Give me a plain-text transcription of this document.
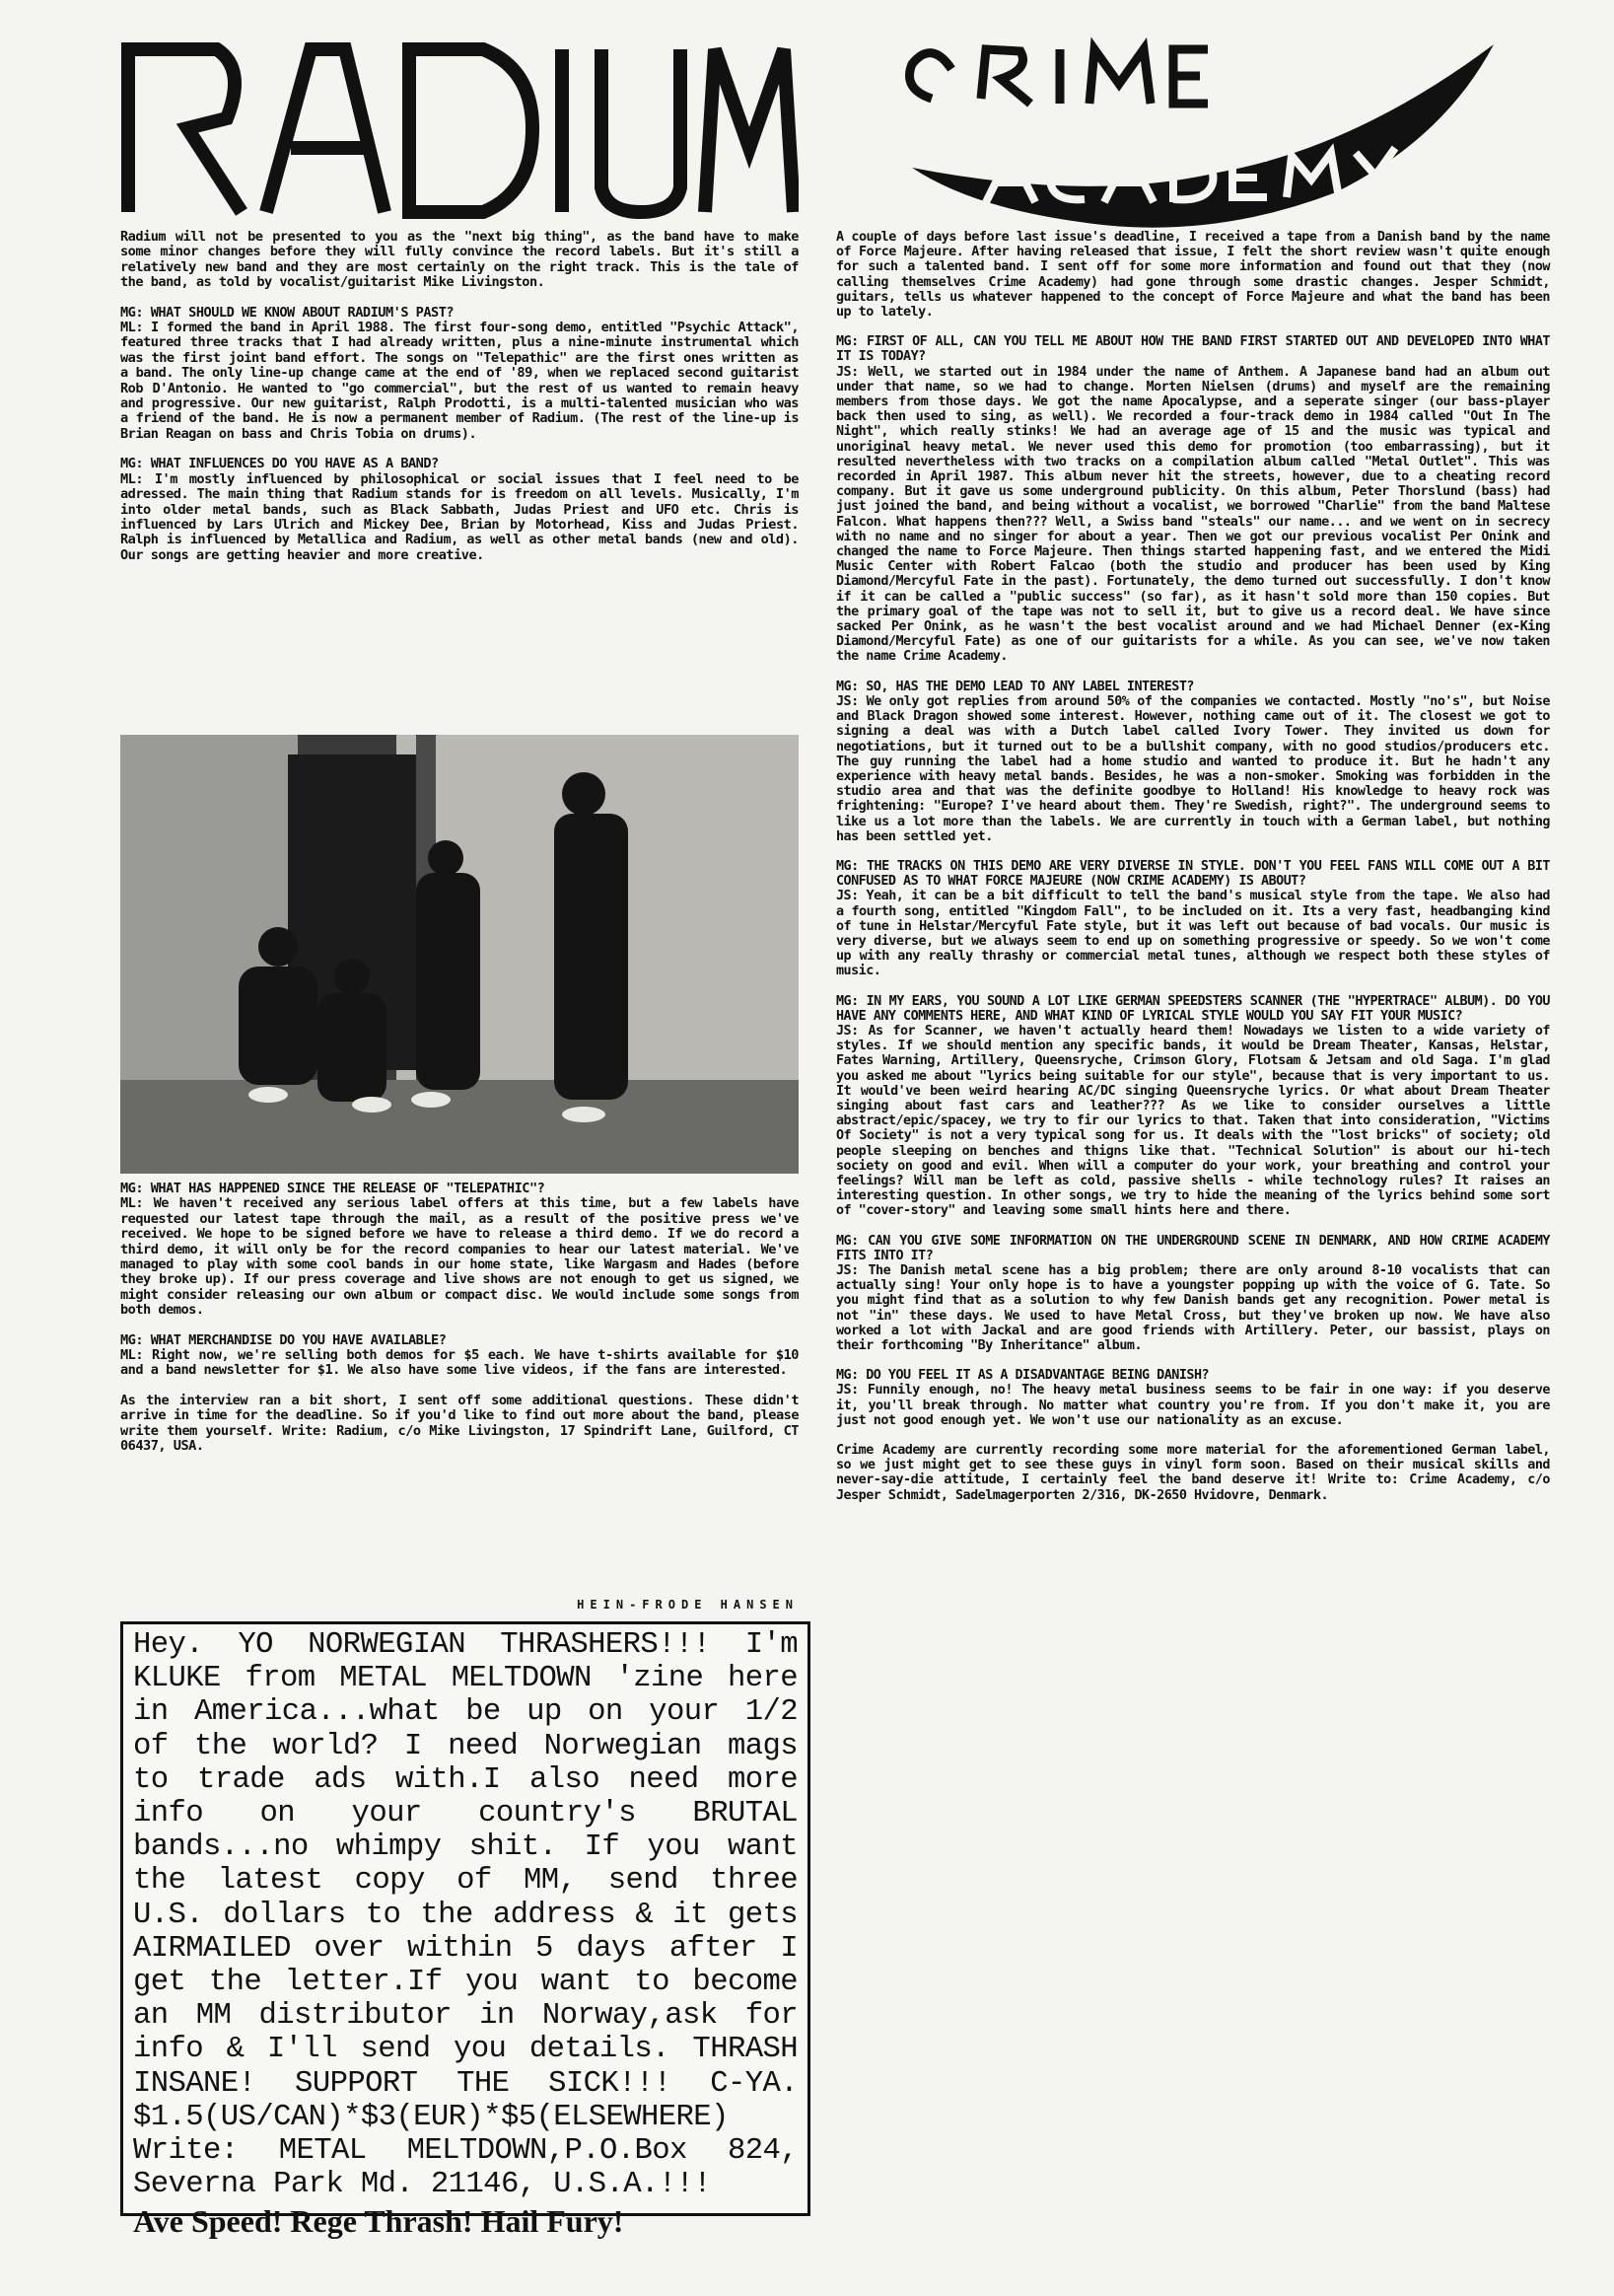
CRIME ACADEMY

Radium will not be presented to you as the "next big thing", as the band have to make some minor changes before they will fully convince the record labels. But it's still a relatively new band and they are most certainly on the right track. This is the tale of the band, as told by vocalist/guitarist Mike Livingston.

MG: WHAT SHOULD WE KNOW ABOUT RADIUM'S PAST?
ML: I formed the band in April 1988. The first four-song demo, entitled "Psychic Attack", featured three tracks that I had already written, plus a nine-minute instrumental which was the first joint band effort. The songs on "Telepathic" are the first ones written as a band. The only line-up change came at the end of '89, when we replaced second guitarist Rob D'Antonio. He wanted to "go commercial", but the rest of us wanted to remain heavy and progressive. Our new guitarist, Ralph Prodotti, is a multi-talented musician who was a friend of the band. He is now a permanent member of Radium. (The rest of the line-up is Brian Reagan on bass and Chris Tobia on drums).

MG: WHAT INFLUENCES DO YOU HAVE AS A BAND?
ML: I'm mostly influenced by philosophical or social issues that I feel need to be adressed. The main thing that Radium stands for is freedom on all levels. Musically, I'm into older metal bands, such as Black Sabbath, Judas Priest and UFO etc. Chris is influenced by Lars Ulrich and Mickey Dee, Brian by Motorhead, Kiss and Judas Priest. Ralph is influenced by Metallica and Radium, as well as other metal bands (new and old). Our songs are getting heavier and more creative.

MG: WHAT HAS HAPPENED SINCE THE RELEASE OF "TELEPATHIC"?
ML: We haven't received any serious label offers at this time, but a few labels have requested our latest tape through the mail, as a result of the positive press we've received. We hope to be signed before we have to release a third demo. If we do record a third demo, it will only be for the record companies to hear our latest material. We've managed to play with some cool bands in our home state, like Wargasm and Hades (before they broke up). If our press coverage and live shows are not enough to get us signed, we might consider releasing our own album or compact disc. We would include some songs from both demos.

MG: WHAT MERCHANDISE DO YOU HAVE AVAILABLE?
ML: Right now, we're selling both demos for $5 each. We have t-shirts available for $10 and a band newsletter for $1. We also have some live videos, if the fans are interested.

As the interview ran a bit short, I sent off some additional questions. These didn't arrive in time for the deadline. So if you'd like to find out more about the band, please write them yourself. Write: Radium, c/o Mike Livingston, 17 Spindrift Lane, Guilford, CT 06437, USA.

HEIN-FRODE HANSEN

Hey. YO NORWEGIAN THRASHERS!!! I'm KLUKE from METAL MELTDOWN 'zine here in America...what be up on your 1/2 of the world? I need Norwegian mags to trade ads with.I also need more info on your country's BRUTAL bands...no whimpy shit. If you want the latest copy of MM, send three U.S. dollars to the address & it gets AIRMAILED over within 5 days after I get the letter.If you want to become an MM distributor in Norway,ask for info & I'll send you details. THRASH INSANE! SUPPORT THE SICK!!! C-YA. $1.5(US/CAN)*$3(EUR)*$5(ELSEWHERE) Write: METAL MELTDOWN,P.O.Box 824, Severna Park Md. 21146, U.S.A.!!!

Ave Speed! Rege Thrash! Hail Fury!

A couple of days before last issue's deadline, I received a tape from a Danish band by the name of Force Majeure. After having released that issue, I felt the short review wasn't quite enough for such a talented band. I sent off for some more information and found out that they (now calling themselves Crime Academy) had gone through some drastic changes. Jesper Schmidt, guitars, tells us whatever happened to the concept of Force Majeure and what the band has been up to lately.

MG: FIRST OF ALL, CAN YOU TELL ME ABOUT HOW THE BAND FIRST STARTED OUT AND DEVELOPED INTO WHAT IT IS TODAY?
JS: Well, we started out in 1984 under the name of Anthem. A Japanese band had an album out under that name, so we had to change. Morten Nielsen (drums) and myself are the remaining members from those days. We got the name Apocalypse, and a seperate singer (our bass-player back then used to sing, as well). We recorded a four-track demo in 1984 called "Out In The Night", which really stinks! We had an average age of 15 and the music was typical and unoriginal heavy metal. We never used this demo for promotion (too embarrassing), but it resulted nevertheless with two tracks on a compilation album called "Metal Outlet". This was recorded in April 1987. This album never hit the streets, however, due to a cheating record company. But it gave us some underground publicity. On this album, Peter Thorslund (bass) had just joined the band, and being without a vocalist, we borrowed "Charlie" from the band Maltese Falcon. What happens then??? Well, a Swiss band "steals" our name... and we went on in secrecy with no name and no singer for about a year. Then we got our previous vocalist Per Onink and changed the name to Force Majeure. Then things started happening fast, and we entered the Midi Music Center with Robert Falcao (both the studio and producer has been used by King Diamond/Mercyful Fate in the past). Fortunately, the demo turned out successfully. I don't know if it can be called a "public success" (so far), as it hasn't sold more than 150 copies. But the primary goal of the tape was not to sell it, but to give us a record deal. We have since sacked Per Onink, as he wasn't the best vocalist around and we had Michael Denner (ex-King Diamond/Mercyful Fate) as one of our guitarists for a while. As you can see, we've now taken the name Crime Academy.

MG: SO, HAS THE DEMO LEAD TO ANY LABEL INTEREST?
JS: We only got replies from around 50% of the companies we contacted. Mostly "no's", but Noise and Black Dragon showed some interest. However, nothing came out of it. The closest we got to signing a deal was with a Dutch label called Ivory Tower. They invited us down for negotiations, but it turned out to be a bullshit company, with no good studios/producers etc. The guy running the label had a home studio and wanted to produce it. But he hadn't any experience with heavy metal bands. Besides, he was a non-smoker. Smoking was forbidden in the studio area and that was the definite goodbye to Holland! His knowledge to heavy rock was frightening: "Europe? I've heard about them. They're Swedish, right?". The underground seems to like us a lot more than the labels. We are currently in touch with a German label, but nothing has been settled yet.

MG: THE TRACKS ON THIS DEMO ARE VERY DIVERSE IN STYLE. DON'T YOU FEEL FANS WILL COME OUT A BIT CONFUSED AS TO WHAT FORCE MAJEURE (NOW CRIME ACADEMY) IS ABOUT?
JS: Yeah, it can be a bit difficult to tell the band's musical style from the tape. We also had a fourth song, entitled "Kingdom Fall", to be included on it. Its a very fast, headbanging kind of tune in Helstar/Mercyful Fate style, but it was left out because of bad vocals. Our music is very diverse, but we always seem to end up on something progressive or speedy. So we won't come up with any really thrashy or commercial metal tunes, although we respect both these styles of music.

MG: IN MY EARS, YOU SOUND A LOT LIKE GERMAN SPEEDSTERS SCANNER (THE "HYPERTRACE" ALBUM). DO YOU HAVE ANY COMMENTS HERE, AND WHAT KIND OF LYRICAL STYLE WOULD YOU SAY FIT YOUR MUSIC?
JS: As for Scanner, we haven't actually heard them! Nowadays we listen to a wide variety of styles. If we should mention any specific bands, it would be Dream Theater, Kansas, Helstar, Fates Warning, Artillery, Queensryche, Crimson Glory, Flotsam & Jetsam and old Saga. I'm glad you asked me about "lyrics being suitable for our style", because that is very important to us. It would've been weird hearing AC/DC singing Queensryche lyrics. Or what about Dream Theater singing about fast cars and leather??? As we like to consider ourselves a little abstract/epic/spacey, we try to fir our lyrics to that. Taken that into consideration, "Victims Of Society" is not a very typical song for us. It deals with the "lost bricks" of society; old people sleeping on benches and thigns like that. "Technical Solution" is about our hi-tech society on good and evil. When will a computer do your work, your breathing and control your feelings? Will man be left as cold, passive shells - while technology rules? It raises an interesting question. In other songs, we try to hide the meaning of the lyrics behind some sort of "cover-story" and leaving some small hints here and there.

MG: CAN YOU GIVE SOME INFORMATION ON THE UNDERGROUND SCENE IN DENMARK, AND HOW CRIME ACADEMY FITS INTO IT?
JS: The Danish metal scene has a big problem; there are only around 8-10 vocalists that can actually sing! Your only hope is to have a youngster popping up with the voice of G. Tate. So you might find that as a solution to why few Danish bands get any recognition. Power metal is not "in" these days. We used to have Metal Cross, but they've broken up now. We have also worked a lot with Jackal and are good friends with Artillery. Peter, our bassist, plays on their forthcoming "By Inheritance" album.

MG: DO YOU FEEL IT AS A DISADVANTAGE BEING DANISH?
JS: Funnily enough, no! The heavy metal business seems to be fair in one way: if you deserve it, you'll break through. No matter what country you're from. If you don't make it, you are just not good enough yet. We won't use our nationality as an excuse.

Crime Academy are currently recording some more material for the aforementioned German label, so we just might get to see these guys in vinyl form soon. Based on their musical skills and never-say-die attitude, I certainly feel the band deserve it! Write to: Crime Academy, c/o Jesper Schmidt, Sadelmagerporten 2/316, DK-2650 Hvidovre, Denmark.
